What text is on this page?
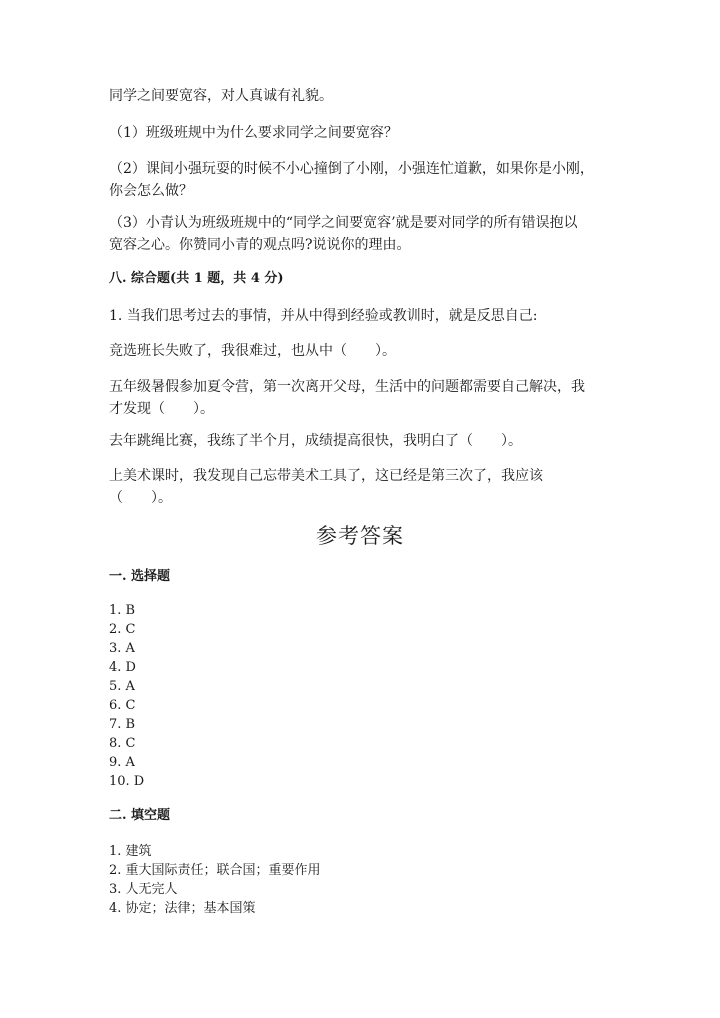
同学之间要宽容，对人真诚有礼貌。

（1）班级班规中为什么要求同学之间要宽容？

（2）课间小强玩耍的时候不小心撞倒了小刚，小强连忙道歉，如果你是小刚，

你会怎么做？

（3）小青认为班级班规中的“同学之间要宽容’就是要对同学的所有错误抱以

宽容之心。你赞同小青的观点吗?说说你的理由。

八. 综合题(共 1 题，共 4 分)

1. 当我们思考过去的事情，并从中得到经验或教训时，就是反思自己:

竞选班长失败了，我很难过，也从中（　　）。

五年级暑假参加夏令营，第一次离开父母，生活中的问题都需要自己解决，我

才发现（　　）。

去年跳绳比赛，我练了半个月，成绩提高很快，我明白了（　　）。

上美术课时，我发现自己忘带美术工具了，这已经是第三次了，我应该

（　　）。

参考答案

一. 选择题

1. B
2. C
3. A
4. D
5. A
6. C
7. B
8. C
9. A
10. D

二. 填空题

1. 建筑
2. 重大国际责任；联合国；重要作用
3. 人无完人
4. 协定；法律；基本国策
